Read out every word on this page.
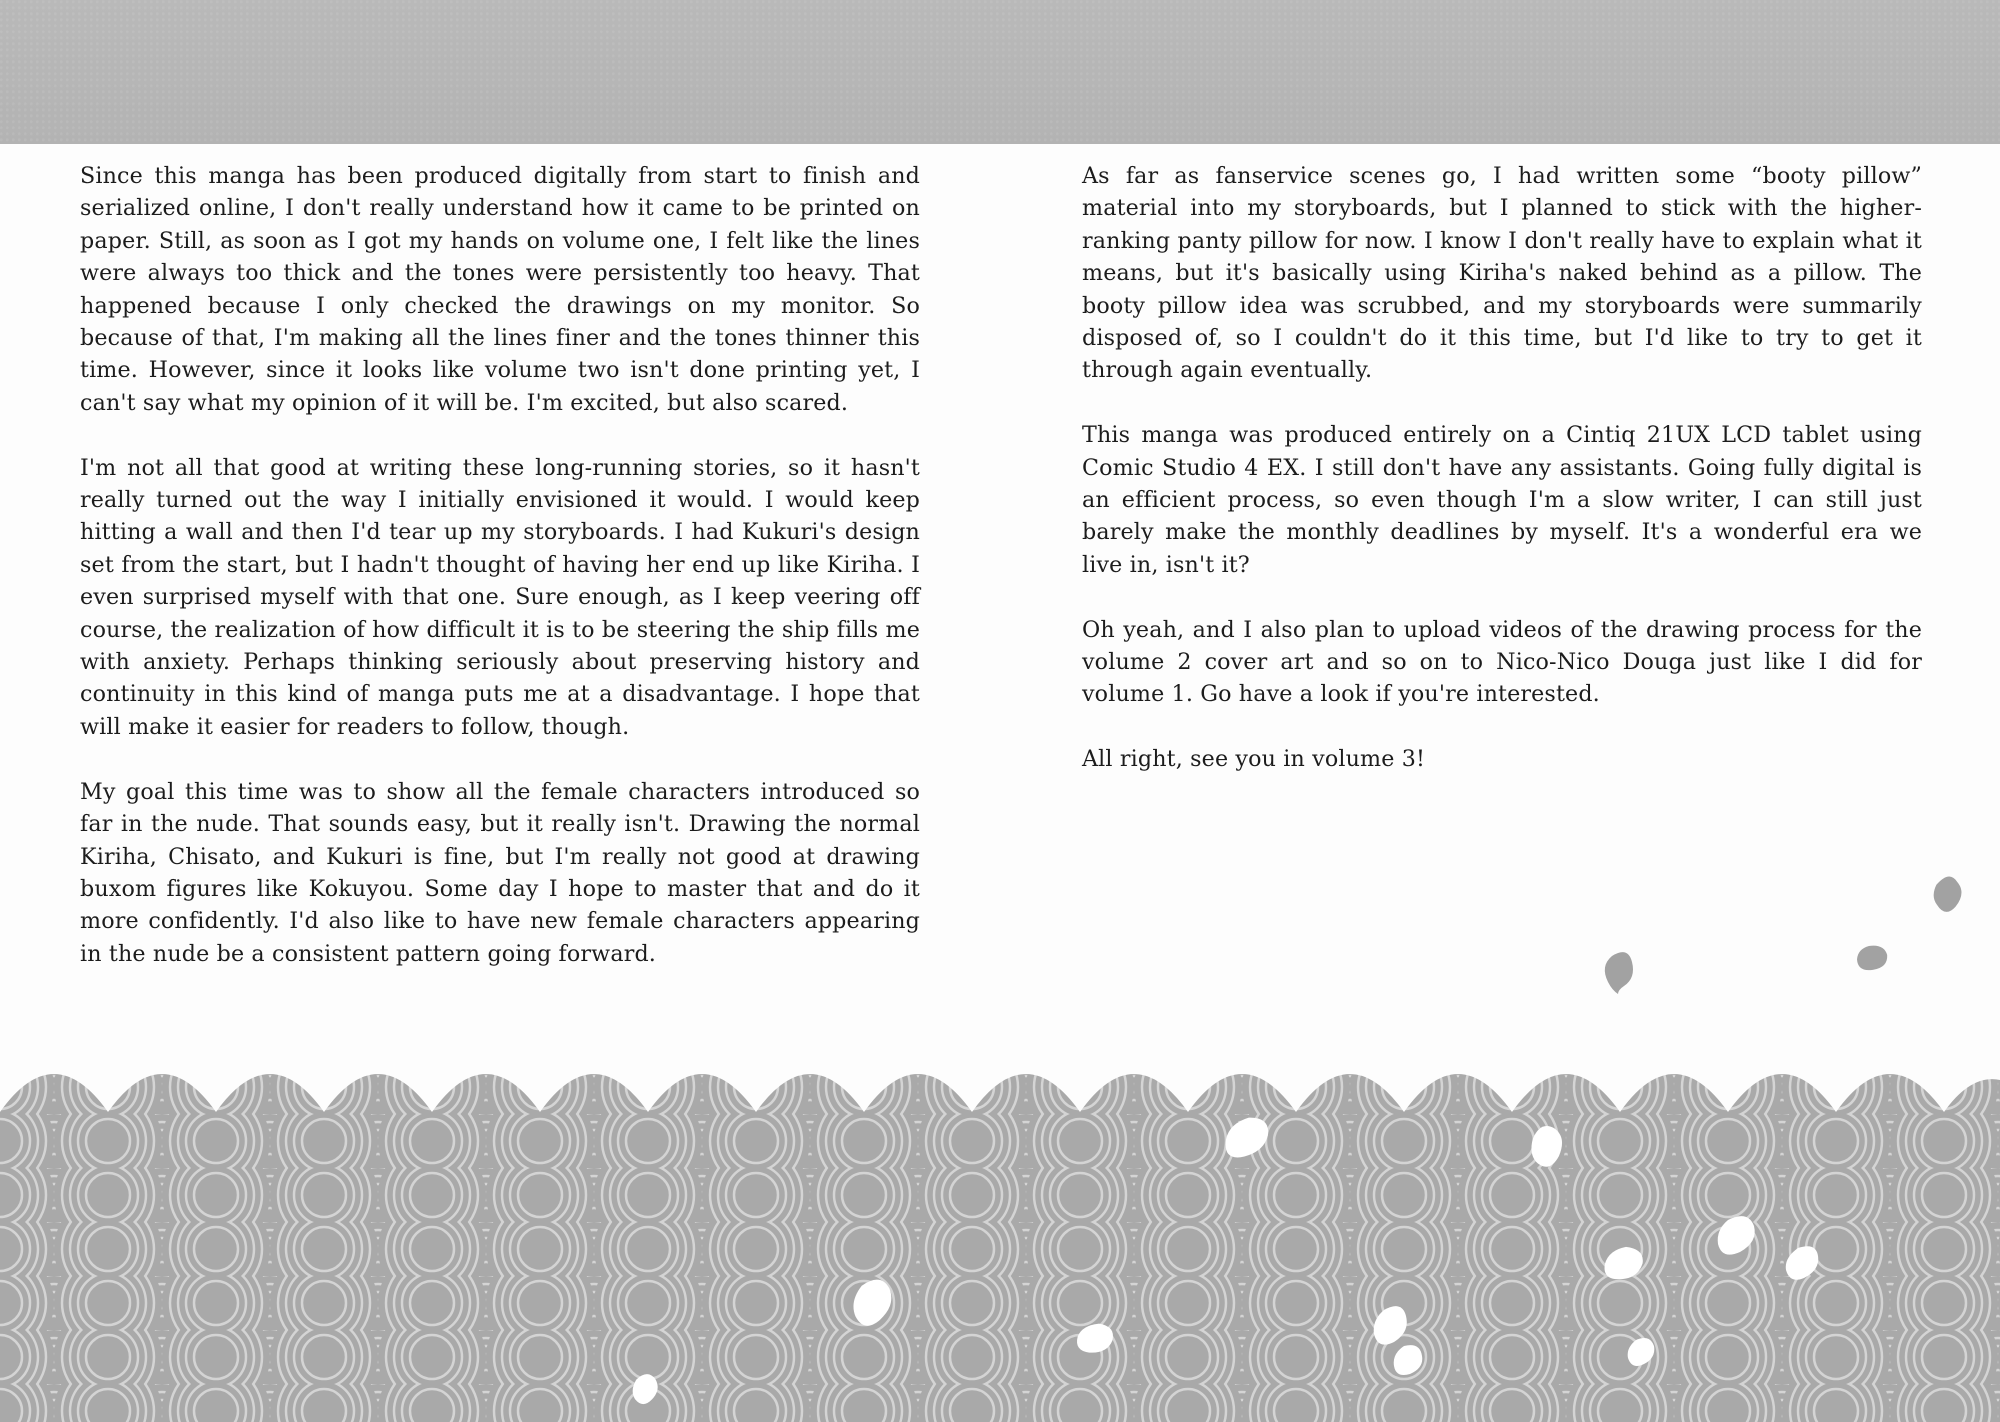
Since this manga has been produced digitally from start to finish and serialized online, I don't really understand how it came to be printed on paper. Still, as soon as I got my hands on volume one, I felt like the lines were always too thick and the tones were persistently too heavy. That happened because I only checked the drawings on my monitor. So because of that, I'm making all the lines finer and the tones thinner this time. However, since it looks like volume two isn't done printing yet, I can't say what my opinion of it will be. I'm excited, but also scared.

I'm not all that good at writing these long-running stories, so it hasn't really turned out the way I initially envisioned it would. I would keep hitting a wall and then I'd tear up my storyboards. I had Kukuri's design set from the start, but I hadn't thought of having her end up like Kiriha. I even surprised myself with that one. Sure enough, as I keep veering off course, the realization of how difficult it is to be steering the ship fills me with anxiety. Perhaps thinking seriously about preserving history and continuity in this kind of manga puts me at a disadvantage. I hope that will make it easier for readers to follow, though.

My goal this time was to show all the female characters introduced so far in the nude. That sounds easy, but it really isn't. Drawing the normal Kiriha, Chisato, and Kukuri is fine, but I'm really not good at drawing buxom figures like Kokuyou. Some day I hope to master that and do it more confidently. I'd also like to have new female characters appearing in the nude be a consistent pattern going forward.

As far as fanservice scenes go, I had written some “booty pillow” material into my storyboards, but I planned to stick with the higher-ranking panty pillow for now. I know I don't really have to explain what it means, but it's basically using Kiriha's naked behind as a pillow. The booty pillow idea was scrubbed, and my storyboards were summarily disposed of, so I couldn't do it this time, but I'd like to try to get it through again eventually.

This manga was produced entirely on a Cintiq 21UX LCD tablet using Comic Studio 4 EX. I still don't have any assistants. Going fully digital is an efficient process, so even though I'm a slow writer, I can still just barely make the monthly deadlines by myself. It's a wonderful era we live in, isn't it?

Oh yeah, and I also plan to upload videos of the drawing process for the volume 2 cover art and so on to Nico-Nico Douga just like I did for volume 1. Go have a look if you're interested.

All right, see you in volume 3!
